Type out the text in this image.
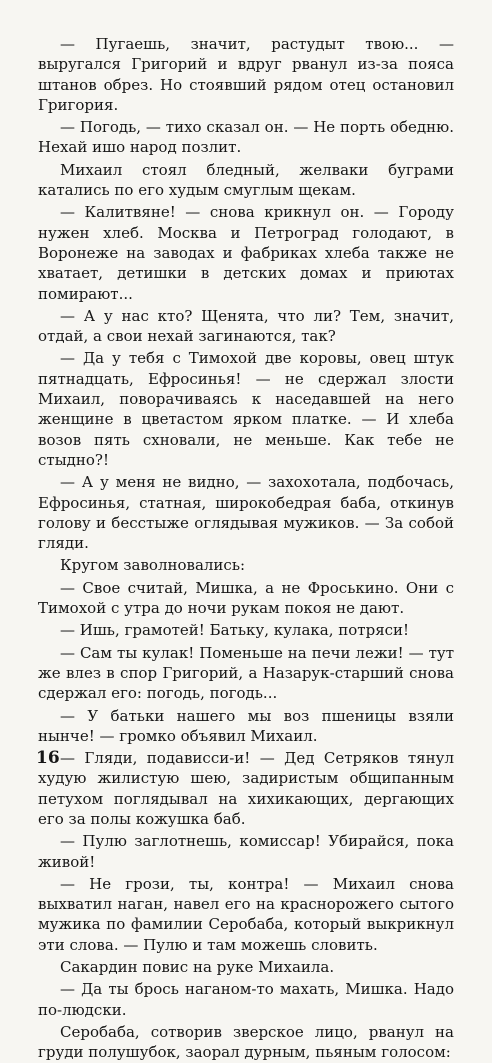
— Пугаешь, значит, растудыт твою... — выругался Григорий и вдруг рванул из-за пояса штанов обрез. Но стоявший рядом отец остановил Григория.

— Погодь, — тихо сказал он. — Не порть обедню. Нехай ишо народ позлит.

Михаил стоял бледный, желваки буграми катались по его худым смуглым щекам.

— Калитвяне! — снова крикнул он. — Городу нужен хлеб. Москва и Петроград голодают, в Воронеже на заводах и фабриках хлеба также не хватает, детишки в детских домах и приютах помирают...

— А у нас кто? Щенята, что ли? Тем, значит, отдай, а свои нехай загинаются, так?

— Да у тебя с Тимохой две коровы, овец штук пятнадцать, Ефросинья! — не сдержал злости Михаил, поворачиваясь к наседавшей на него женщине в цветастом ярком платке. — И хлеба возов пять схновали, не меньше. Как тебе не стыдно?!

— А у меня не видно, — захохотала, подбочась, Ефросинья, статная, широкобедрая баба, откинув голову и бесстыже оглядывая мужиков. — За собой гляди.

Кругом заволновались:

— Свое считай, Мишка, а не Фроськино. Они с Тимохой с утра до ночи рукам покоя не дают.

— Ишь, грамотей! Батьку, кулака, потряси!

— Сам ты кулак! Поменьше на печи лежи! — тут же влез в спор Григорий, а Назарук-старший снова сдержал его: погодь, погодь...

— У батьки нашего мы воз пшеницы взяли нынче! — громко объявил Михаил.

— Гляди, подависси-и! — Дед Сетряков тянул худую жилистую шею, задиристым общипанным петухом поглядывал на хихикающих, дергающих его за полы кожушка баб.

— Пулю заглотнешь, комиссар! Убирайся, пока живой!

— Не грози, ты, контра! — Михаил снова выхватил наган, навел его на краснорожего сытого мужика по фамилии Серобаба, который выкрикнул эти слова. — Пулю и там можешь словить.

Сакардин повис на руке Михаила.

— Да ты брось наганом-то махать, Мишка. Надо по-людски.

Серобаба, сотворив зверское лицо, рванул на груди полушубок, заорал дурным, пьяным голосом:

16
